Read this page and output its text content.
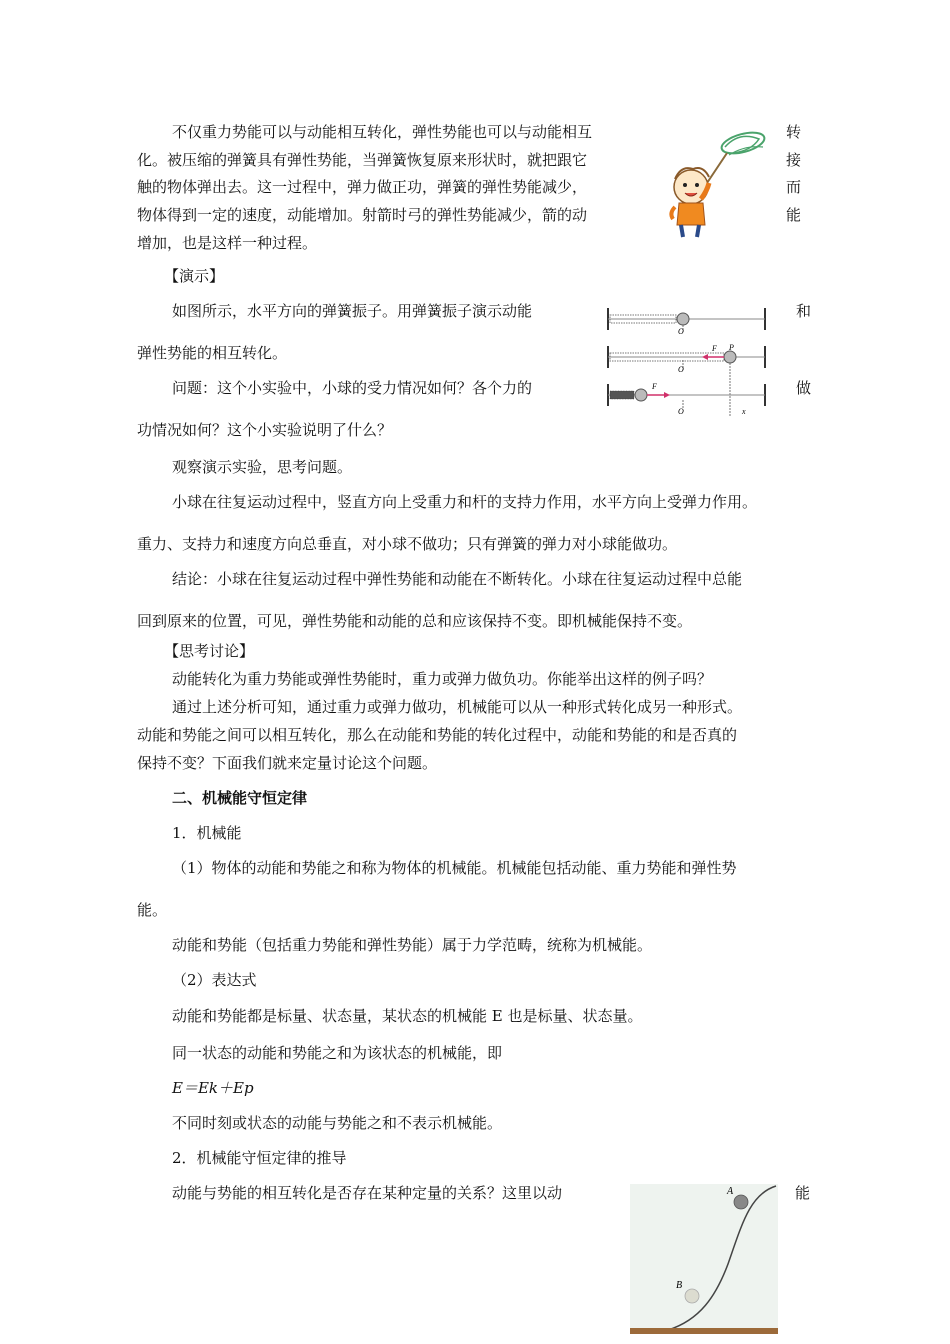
不仅重力势能可以与动能相互转化，弹性势能也可以与动能相互	转
化。被压缩的弹簧具有弹性势能，当弹簧恢复原来形状时，就把跟它	接
触的物体弹出去。这一过程中，弹力做正功，弹簧的弹性势能减少，	而
物体得到一定的速度，动能增加。射箭时弓的弹性势能减少，箭的动	能
增加，也是这样一种过程。
【演示】
如图所示，水平方向的弹簧振子。用弹簧振子演示动能	和
弹性势能的相互转化。
问题：这个小实验中，小球的受力情况如何？各个力的	做
功情况如何？这个小实验说明了什么？
O
F P
O
F
O	x
观察演示实验，思考问题。
小球在往复运动过程中，竖直方向上受重力和杆的支持力作用，水平方向上受弹力作用。
重力、支持力和速度方向总垂直，对小球不做功；只有弹簧的弹力对小球能做功。
结论：小球在往复运动过程中弹性势能和动能在不断转化。小球在往复运动过程中总能
回到原来的位置，可见，弹性势能和动能的总和应该保持不变。即机械能保持不变。
【思考讨论】
动能转化为重力势能或弹性势能时，重力或弹力做负功。你能举出这样的例子吗？
通过上述分析可知，通过重力或弹力做功，机械能可以从一种形式转化成另一种形式。
动能和势能之间可以相互转化，那么在动能和势能的转化过程中，动能和势能的和是否真的
保持不变？下面我们就来定量讨论这个问题。
二、机械能守恒定律
1．机械能
（1）物体的动能和势能之和称为物体的机械能。机械能包括动能、重力势能和弹性势
能。
动能和势能（包括重力势能和弹性势能）属于力学范畴，统称为机械能。
（2）表达式
动能和势能都是标量、状态量，某状态的机械能 E 也是标量、状态量。
同一状态的动能和势能之和为该状态的机械能，即
E＝Ek＋Ep
不同时刻或状态的动能与势能之和不表示机械能。
2．机械能守恒定律的推导
动能与势能的相互转化是否存在某种定量的关系？这里以动	能
A
B
